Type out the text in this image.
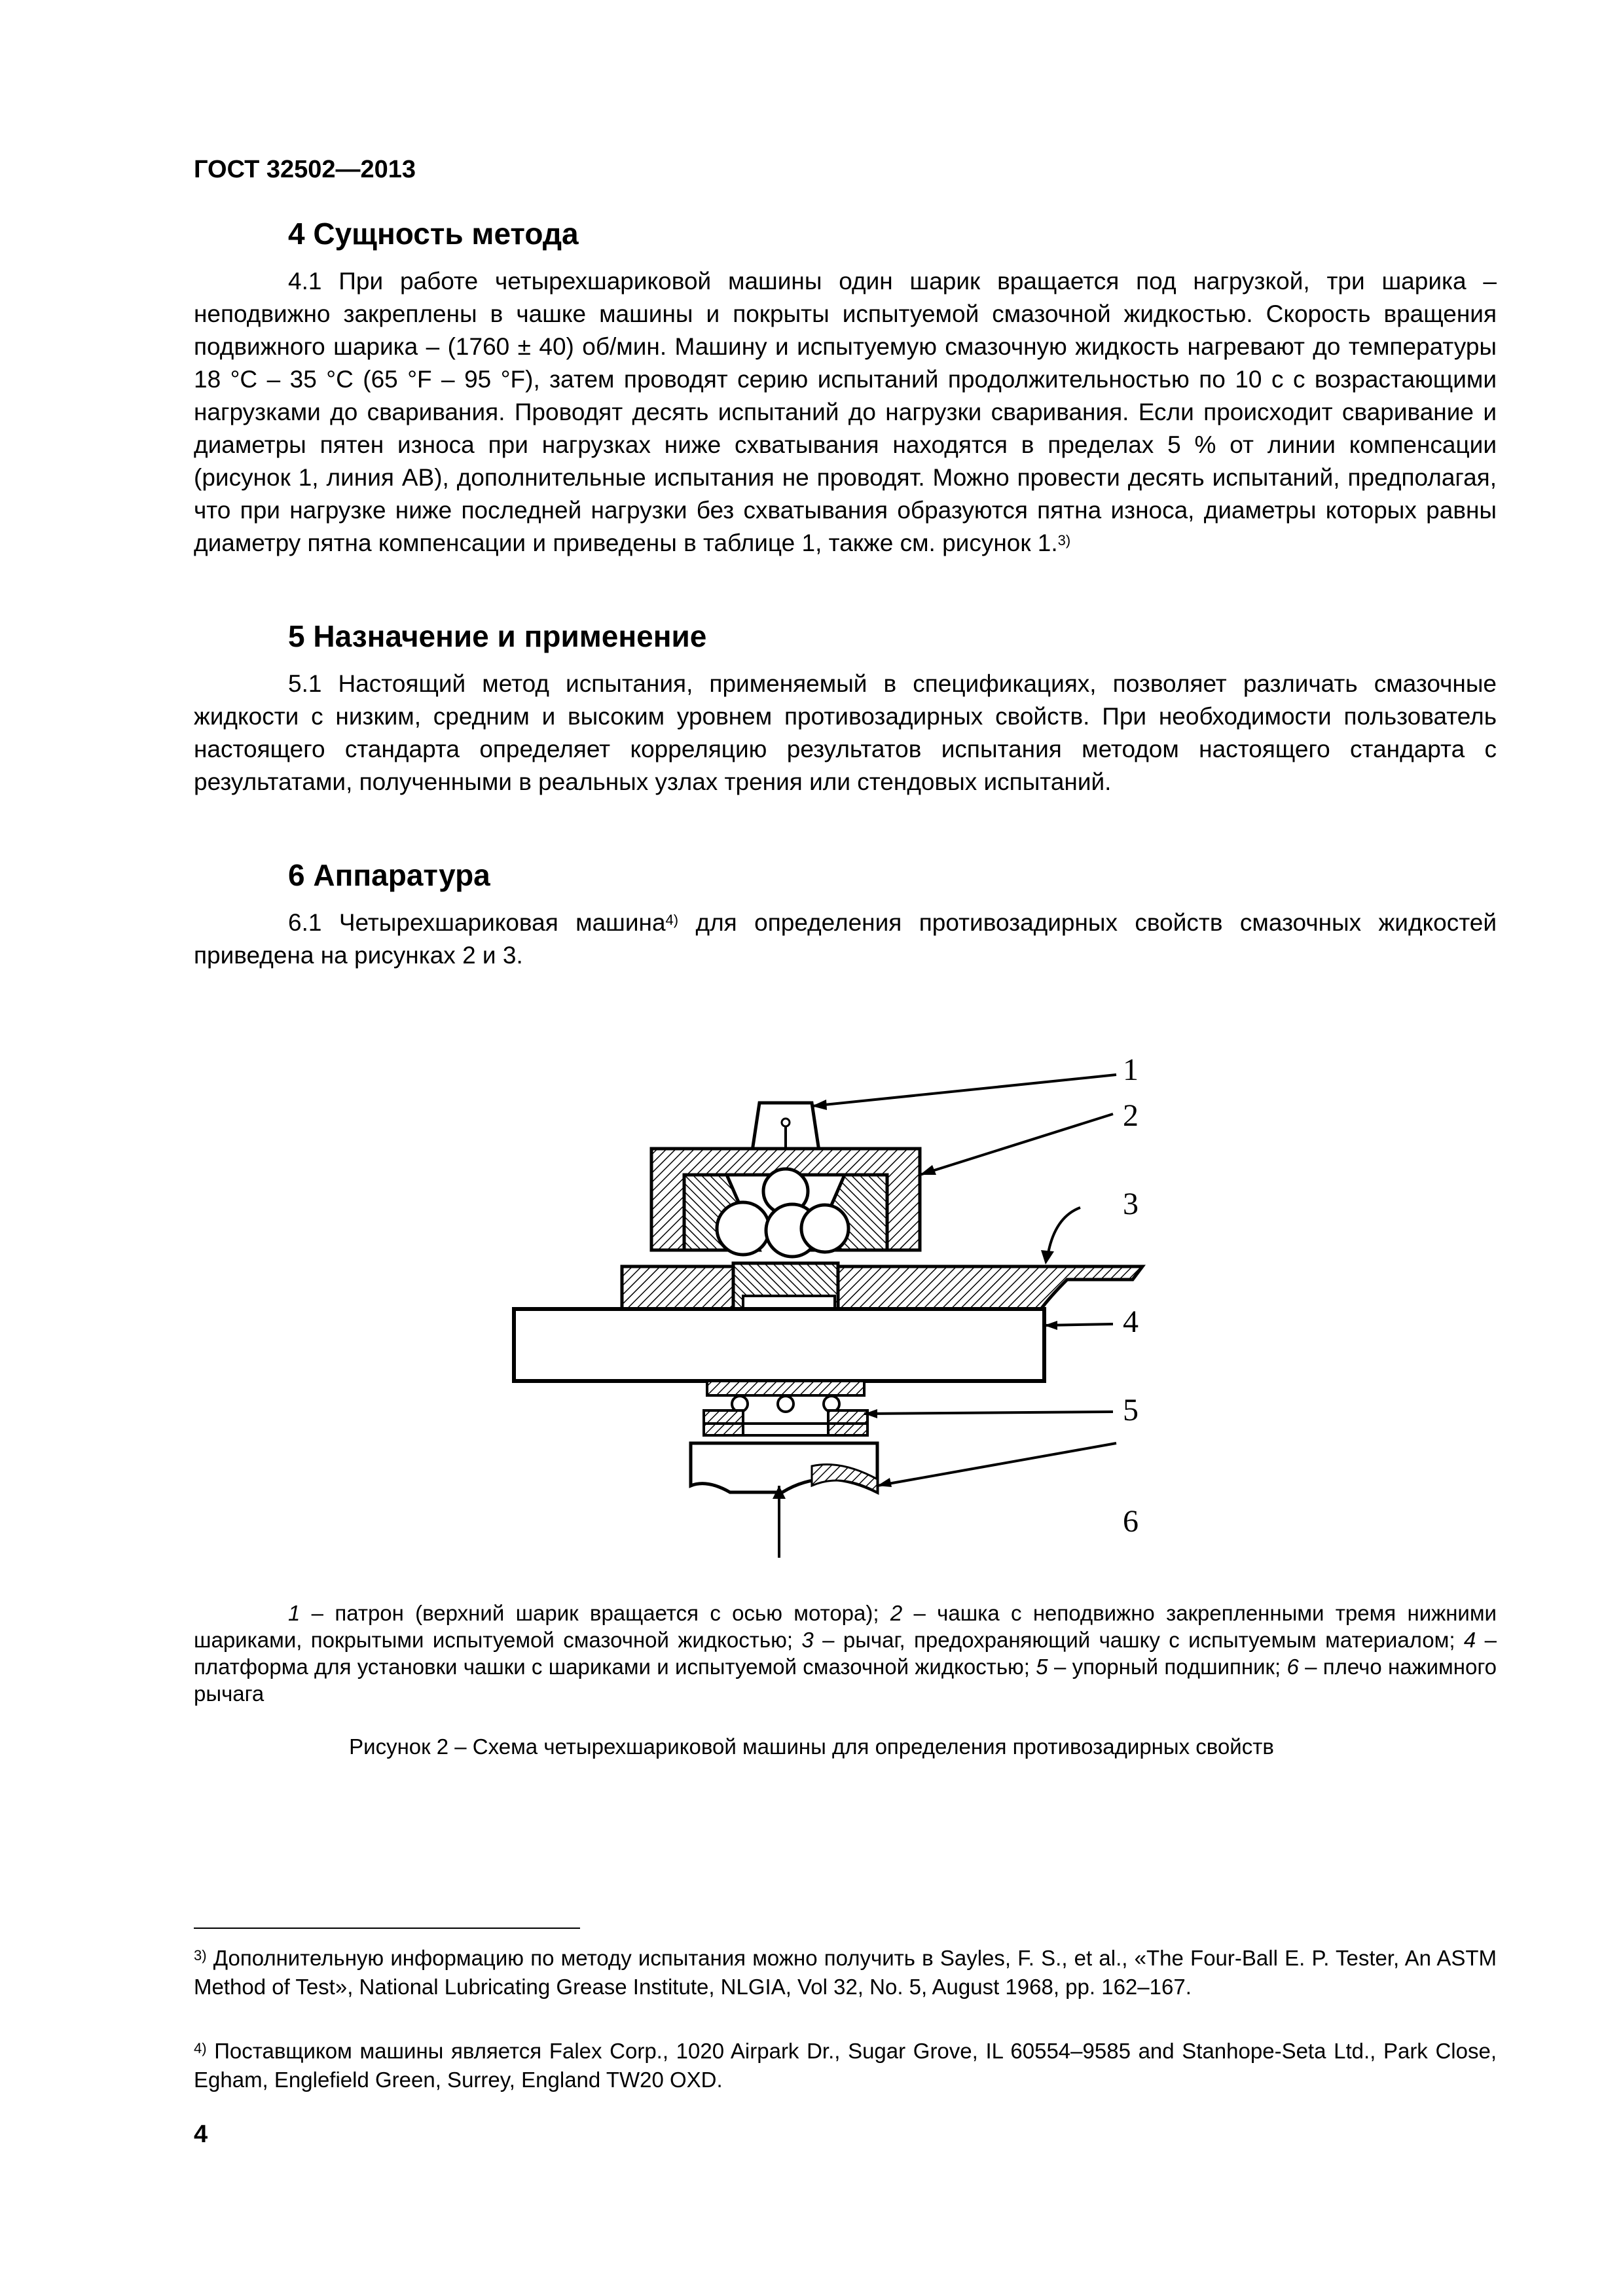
ГОСТ 32502—2013
4 Сущность метода

4.1 При работе четырехшариковой машины один шарик вращается под нагрузкой, три шарика – неподвижно закреплены в чашке машины и покрыты испытуемой смазочной жидкостью. Скорость вращения подвижного шарика – (1760 ± 40) об/мин. Машину и испытуемую смазочную жидкость нагревают до температуры 18 °C – 35 °C (65 °F – 95 °F), затем проводят серию испытаний продолжительностью по 10 с с возрастающими нагрузками до сваривания. Проводят десять испытаний до нагрузки сваривания. Если происходит сваривание и диаметры пятен износа при нагрузках ниже схватывания находятся в пределах 5 % от линии компенсации (рисунок 1, линия АВ), дополнительные испытания не проводят. Можно провести десять испытаний, предполагая, что при нагрузке ниже последней нагрузки без схватывания образуются пятна износа, диаметры которых равны диаметру пятна компенсации и приведены в таблице 1, также см. рисунок 1.$^{3)}$

5 Назначение и применение

5.1 Настоящий метод испытания, применяемый в спецификациях, позволяет различать смазочные жидкости с низким, средним и высоким уровнем противозадирных свойств. При необходимости пользователь настоящего стандарта определяет корреляцию результатов испытания методом настоящего стандарта с результатами, полученными в реальных узлах трения или стендовых испытаний.

6 Аппаратура

6.1 Четырехшариковая машина$^{4)}$ для определения противозадирных свойств смазочных жидкостей приведена на рисунках 2 и 3.

1
2
3
4
5
6

1 – патрон (верхний шарик вращается с осью мотора); 2 – чашка с неподвижно закрепленными тремя нижними шариками, покрытыми испытуемой смазочной жидкостью; 3 – рычаг, предохраняющий чашку с испытуемым материалом; 4 –платформа для установки чашки с шариками и испытуемой смазочной жидкостью; 5 – упорный подшипник; 6 – плечо нажимного рычага

Рисунок 2 – Схема четырехшариковой машины для определения противозадирных свойств

$^{3)}$ Дополнительную информацию по методу испытания можно получить в Sayles, F. S., et al., «The Four-Ball E. P. Tester, An ASTM Method of Test», National Lubricating Grease Institute, NLGIA, Vol 32, No. 5, August 1968, pp. 162–167.

$^{4)}$ Поставщиком машины является Falex Corp., 1020 Airpark Dr., Sugar Grove, IL 60554–9585 and Stanhope-Seta Ltd., Park Close, Egham, Englefield Green, Surrey, England TW20 OXD.

4
